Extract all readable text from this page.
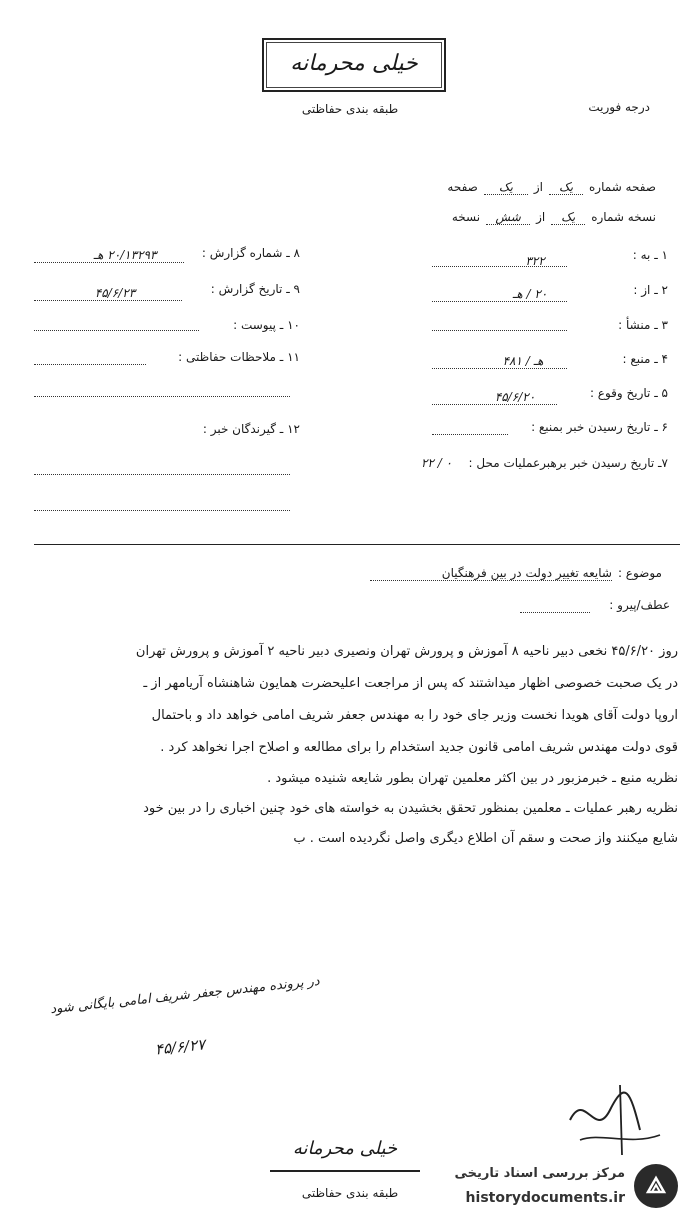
خیلی محرمانه
طبقه بندی حفاظتی	درجه فوریت
صفحه شماره
یک
از
یک
صفحه
نسخه شماره
یک
از
شش
نسخه
۱ ـ به :
۳۲۲
۲ ـ از :
۲۰ / هـ
۳ ـ منشأ :
۴ ـ منبع :
هـ / ۴۸۱
۵ ـ تاریخ وقوع :
۴۵/۶/۲۰
۶ ـ تاریخ رسیدن خبر بمنبع :
۷ـ تاریخ رسیدن خبر برهبرعملیات محل :
۲۲ / ۰
۸ ـ شماره گزارش :
۲۰/۱۳۲۹۳ هـ
۹ ـ تاریخ گزارش :
۴۵/۶/۲۳
۱۰ ـ پیوست :
۱۱ ـ ملاحظات حفاظتی :
۱۲ ـ گیرندگان خبر :
موضوع :
شایعه تغییر دولت در بین فرهنگیان
عطف/پیرو :
روز ۴۵/۶/۲۰ نخعی دبیر ناحیه ۸ آموزش و پرورش تهران ونصیری دبیر ناحیه ۲ آموزش و پرورش تهران
در یک صحبت خصوصی اظهار میداشتند که پس از مراجعت اعلیحضرت همایون شاهنشاه آریامهر از ـ
اروپا دولت آقای هویدا نخست وزیر جای خود را به مهندس جعفر شریف امامی خواهد داد و باحتمال
قوی دولت مهندس شریف امامی قانون جدید استخدام را برای مطالعه و اصلاح اجرا نخواهد کرد .
نظریه منبع ـ خبرمزبور در بین اکثر معلمین تهران بطور شایعه شنیده میشود .
نظریه رهبر عملیات ـ معلمین بمنظور تحقق بخشیدن به خواسته های خود چنین اخباری را در بین خود
شایع میکنند واز صحت و سقم آن اطلاع دیگری واصل نگردیده است . ب
در پرونده مهندس جعفر شریف امامی بایگانی شود
۴۵/۶/۲۷
خیلی محرمانه
طبقه بندی حفاظتی
مرکز بررسی اسناد تاریخی
historydocuments.ir
